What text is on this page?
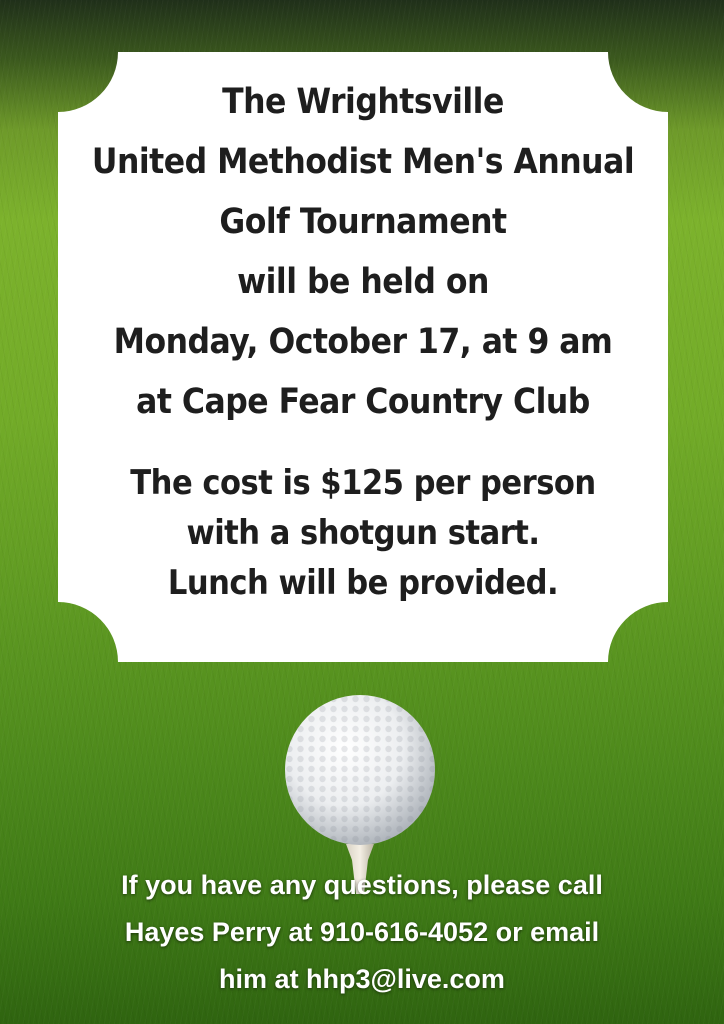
The Wrightsville
United Methodist Men's Annual
Golf Tournament
will be held on
Monday, October 17, at 9 am
at Cape Fear Country Club
The cost is $125 per person
with a shotgun start.
Lunch will be provided.
If you have any questions, please call
Hayes Perry at 910-616-4052 or email
him at hhp3@live.com
